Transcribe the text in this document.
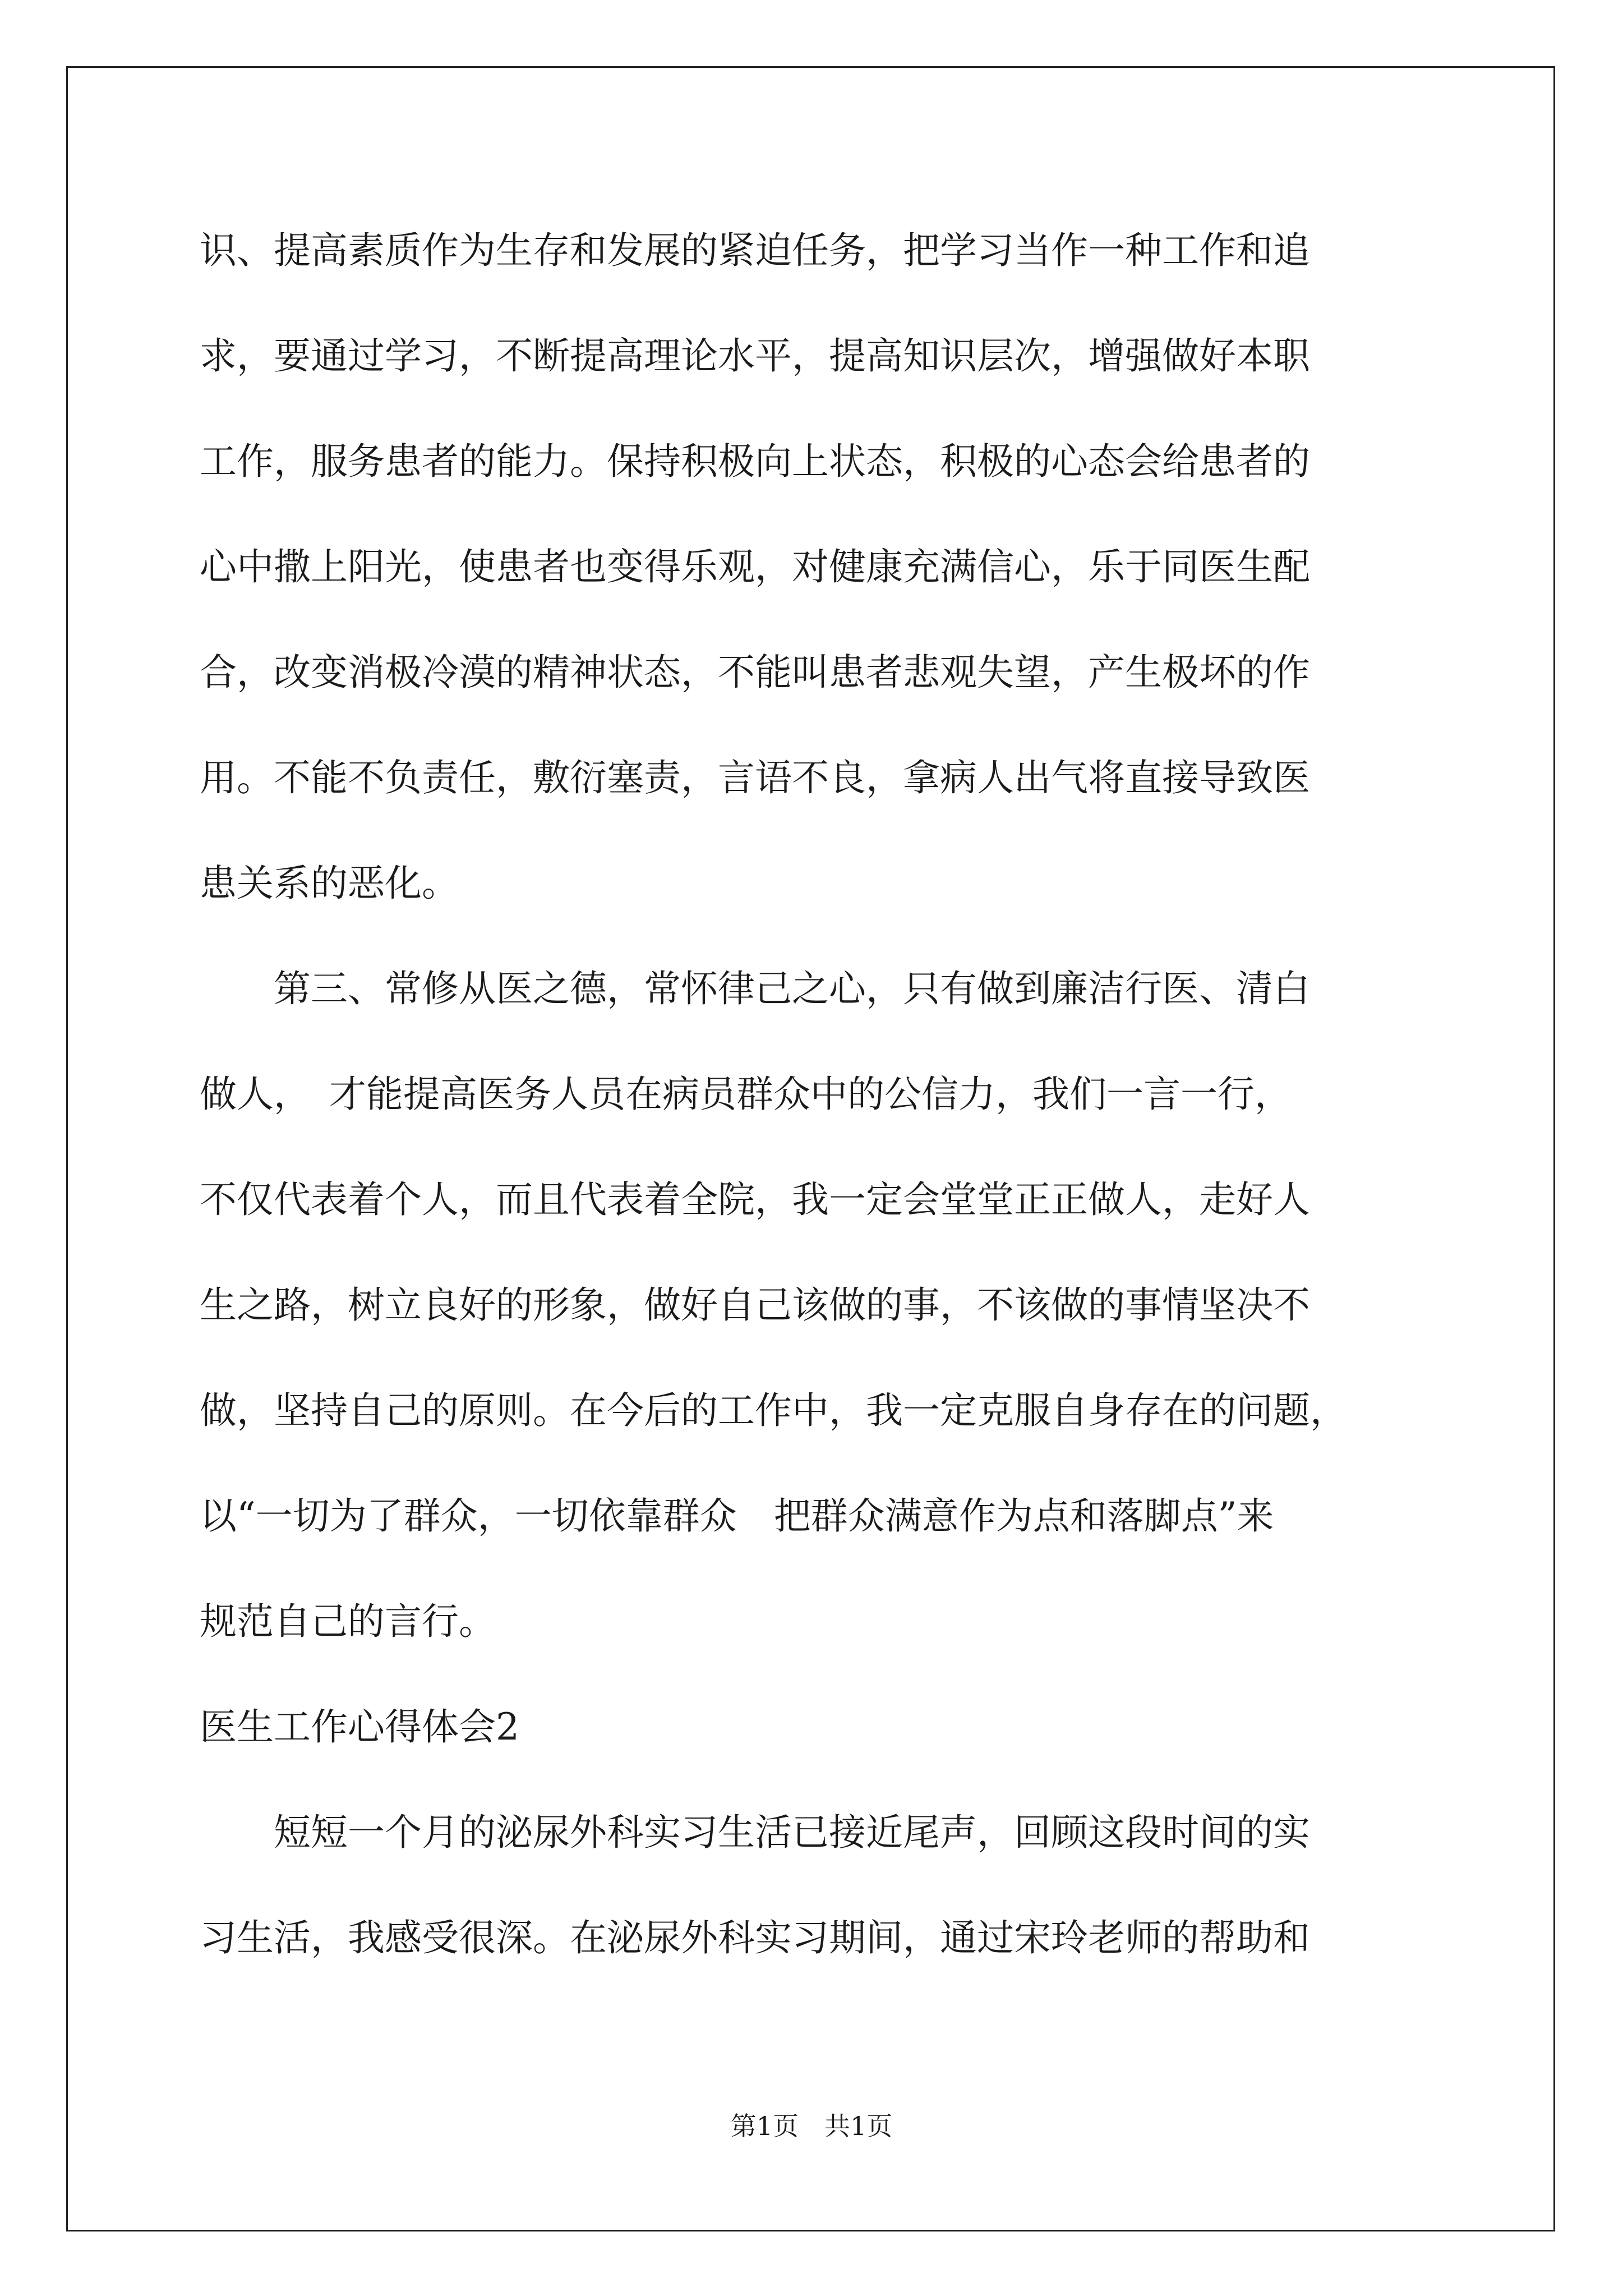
识、提高素质作为生存和发展的紧迫任务，把学习当作一种工作和追
求，要通过学习，不断提高理论水平，提高知识层次，增强做好本职
工作，服务患者的能力。保持积极向上状态，积极的心态会给患者的
心中撒上阳光，使患者也变得乐观，对健康充满信心，乐于同医生配
合，改变消极冷漠的精神状态，不能叫患者悲观失望，产生极坏的作
用。不能不负责任，敷衍塞责，言语不良，拿病人出气将直接导致医
患关系的恶化。
　　第三、常修从医之德，常怀律己之心，只有做到廉洁行医、清白
做人，　才能提高医务人员在病员群众中的公信力，我们一言一行，
不仅代表着个人，而且代表着全院，我一定会堂堂正正做人，走好人
生之路，树立良好的形象，做好自己该做的事，不该做的事情坚决不
做，坚持自己的原则。在今后的工作中，我一定克服自身存在的问题，
以“一切为了群众，一切依靠群众　把群众满意作为点和落脚点”来
规范自己的言行。
医生工作心得体会2
　　短短一个月的泌尿外科实习生活已接近尾声，回顾这段时间的实
习生活，我感受很深。在泌尿外科实习期间，通过宋玲老师的帮助和
第1页　共1页
